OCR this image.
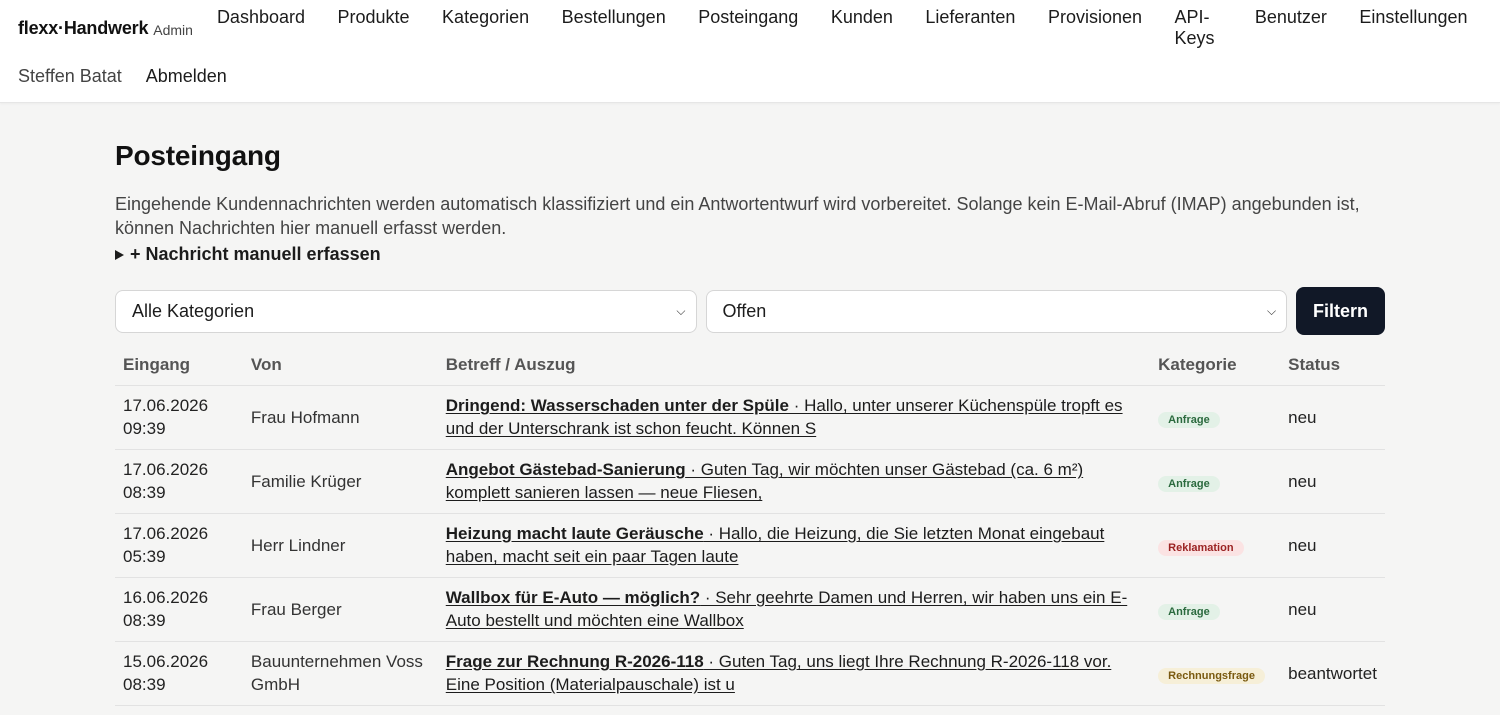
flexx·Handwerk Admin
Dashboard Produkte Kategorien Bestellungen Posteingang Kunden Lieferanten Provisionen API-Keys
Benutzer Einstellungen
Steffen Batat Abmelden
Posteingang

Eingehende Kundennachrichten werden automatisch klassifiziert und ein Antwortentwurf wird vorbereitet. Solange kein E-Mail-Abruf (IMAP) angebunden ist, können Nachrichten hier manuell erfasst werden.

+ Nachricht manuell erfassen
Alle Kategorien	⌵ Offen	⌵	Filtern
Eingang	Von	Betreff / Auszug	Kategorie	Status
17.06.2026
09:39	Frau Hofmann	Dringend: Wasserschaden unter der Spüle · Hallo, unter unserer Küchenspüle tropft es und der Unterschrank ist schon feucht. Können S	Anfrage	neu
17.06.2026
08:39	Familie Krüger	Angebot Gästebad-Sanierung · Guten Tag, wir möchten unser Gästebad (ca. 6 m²) komplett sanieren lassen — neue Fliesen,	Anfrage	neu
17.06.2026
05:39	Herr Lindner	Heizung macht laute Geräusche · Hallo, die Heizung, die Sie letzten Monat eingebaut haben, macht seit ein paar Tagen laute	Reklamation	neu
16.06.2026
08:39	Frau Berger	Wallbox für E-Auto — möglich? · Sehr geehrte Damen und Herren, wir haben uns ein E-Auto bestellt und möchten eine Wallbox	Anfrage	neu
15.06.2026
08:39	Bauunternehmen Voss GmbH	Frage zur Rechnung R-2026-118 · Guten Tag, uns liegt Ihre Rechnung R-2026-118 vor. Eine Position (Materialpauschale) ist u	Rechnungsfrage	beantwortet
